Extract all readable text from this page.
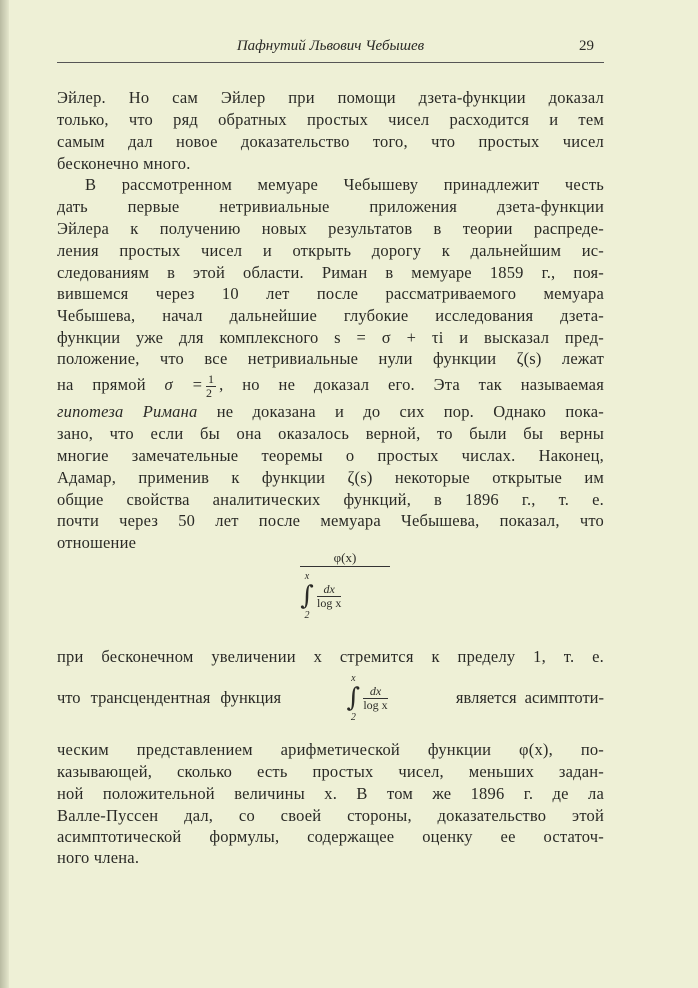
Пафнутий Львович Чебышев	29
Эйлер. Но сам Эйлер при помощи дзета-функции доказал
только, что ряд обратных простых чисел расходится и тем
самым дал новое доказательство того, что простых чисел
бесконечно много.
В рассмотренном мемуаре Чебышеву принадлежит честь
дать первые нетривиальные приложения дзета-функции
Эйлера к получению новых результатов в теории распреде-
ления простых чисел и открыть дорогу к дальнейшим ис-
следованиям в этой области. Риман в мемуаре 1859 г., поя-
вившемся через 10 лет после рассматриваемого мемуара
Чебышева, начал дальнейшие глубокие исследования дзета-
функции уже для комплексного s = σ + τi и высказал пред-
положение, что все нетривиальные нули функции ζ(s) лежат
на прямой $\sigma = \frac{1}{2}$ , но не доказал его. Эта так называемая
гипотеза Римана не доказана и до сих пор. Однако пока-
зано, что если бы она оказалось верной, то были бы верны
многие замечательные теоремы о простых числах. Наконец,
Адамар, применив к функции ζ(s) некоторые открытые им
общие свойства аналитических функций, в 1896 г., т. е.
почти через 50 лет после мемуара Чебышева, показал, что
отношение
φ(x)
x
∫
2
$\frac{dx}{\text{log x}}$
при бесконечном увеличении x стремится к пределу 1, т. е.
что трансцендентная функция
x
∫
2
$\frac{dx}{\text{log x}}$	является асимптоти-
ческим представлением арифметической функции φ(x), по-
казывающей, сколько есть простых чисел, меньших задан-
ной положительной величины x. В том же 1896 г. де ла
Валле-Пуссен дал, со своей стороны, доказательство этой
асимптотической формулы, содержащее оценку ее остаточ-
ного члена.
